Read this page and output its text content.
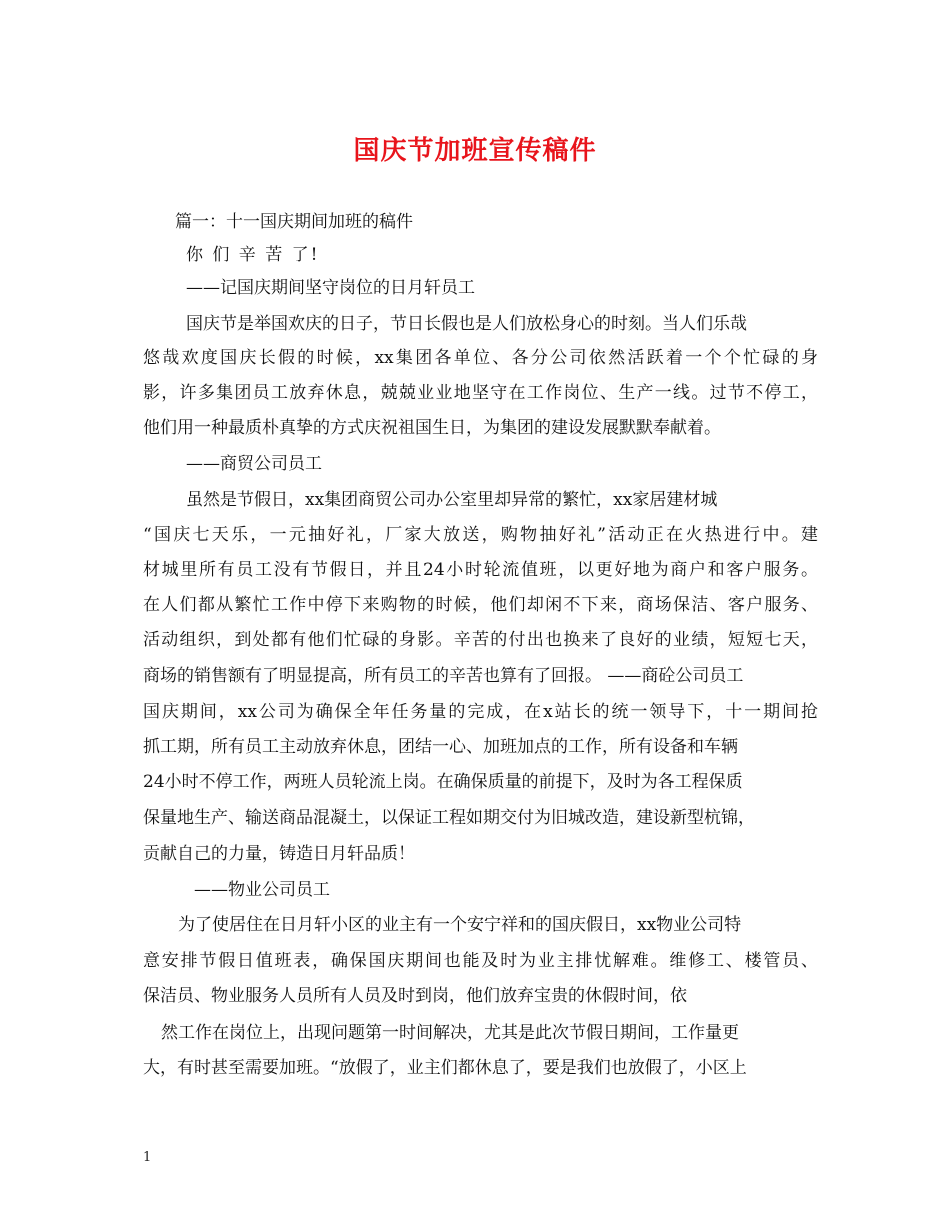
国庆节加班宣传稿件
篇一：十一国庆期间加班的稿件
你 们 辛 苦 了!
——记国庆期间坚守岗位的日月轩员工
国庆节是举国欢庆的日子，节日长假也是人们放松身心的时刻。当人们乐哉
悠哉欢度国庆长假的时候，xx集团各单位、各分公司依然活跃着一个个忙碌的身
影，许多集团员工放弃休息，兢兢业业地坚守在工作岗位、生产一线。过节不停工，
他们用一种最质朴真挚的方式庆祝祖国生日，为集团的建设发展默默奉献着。
——商贸公司员工
虽然是节假日，xx集团商贸公司办公室里却异常的繁忙，xx家居建材城
“国庆七天乐，一元抽好礼，厂家大放送，购物抽好礼”活动正在火热进行中。建
材城里所有员工没有节假日，并且24小时轮流值班，以更好地为商户和客户服务。
在人们都从繁忙工作中停下来购物的时候，他们却闲不下来，商场保洁、客户服务、
活动组织，到处都有他们忙碌的身影。辛苦的付出也换来了良好的业绩，短短七天，
商场的销售额有了明显提高，所有员工的辛苦也算有了回报。 ——商砼公司员工
国庆期间，xx公司为确保全年任务量的完成，在x站长的统一领导下，十一期间抢
抓工期，所有员工主动放弃休息，团结一心、加班加点的工作，所有设备和车辆
24小时不停工作，两班人员轮流上岗。在确保质量的前提下，及时为各工程保质
保量地生产、输送商品混凝土，以保证工程如期交付为旧城改造，建设新型杭锦，
贡献自己的力量，铸造日月轩品质！
——物业公司员工
为了使居住在日月轩小区的业主有一个安宁祥和的国庆假日，xx物业公司特
意安排节假日值班表，确保国庆期间也能及时为业主排忧解难。维修工、楼管员、
保洁员、物业服务人员所有人员及时到岗，他们放弃宝贵的休假时间，依
然工作在岗位上，出现问题第一时间解决，尤其是此次节假日期间，工作量更
大，有时甚至需要加班。“放假了，业主们都休息了，要是我们也放假了，小区上
1
